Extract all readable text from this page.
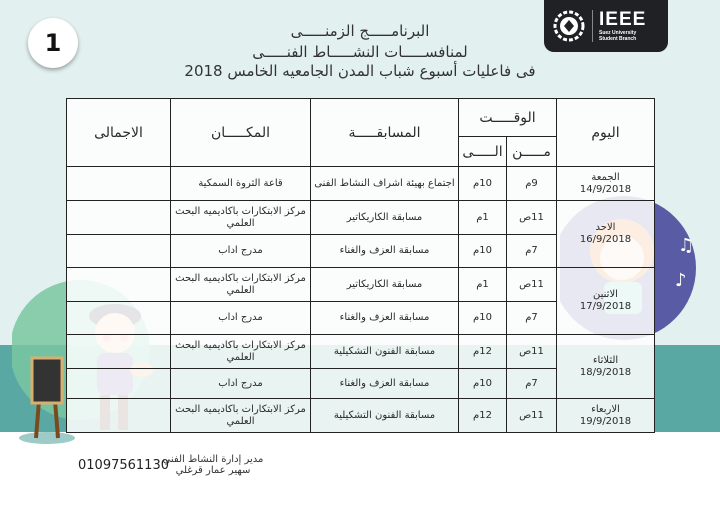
♫
♪
1
IEEE
Suez University
Student Branch
البرنامـــــج الزمنـــــى
لمنافســـــات النشـــــاط الفنـــــى
فى فاعليات أسبوع شباب المدن الجامعيه الخامس 2018
اليوم	الوقـــــت		المسابقـــــة	المكـــــان	الاجمالى
	مـــــن	الـــــى			

الجمعة
14/9/2018	9م	10م	اجتماع بهيئة اشراف النشاط الفنى	قاعة الثروة السمكية	

الاحد
16/9/2018	11ص	1م	مسابقة الكاريكاتير	مركز الابتكارات باكاديميه البحث العلمي	
	7م	10م	مسابقة العزف والغناء	مدرج اداب	

الاثنين
17/9/2018	11ص	1م	مسابقة الكاريكاتير	مركز الابتكارات باكاديميه البحث العلمي	
	7م	10م	مسابقة العزف والغناء	مدرج اداب	

الثلاثاء
18/9/2018	11ص	12م	مسابقة الفنون التشكيلية	مركز الابتكارات باكاديميه البحث العلمي	
	7م	10م	مسابقة العزف والغناء	مدرج اداب	

الاربعاء
19/9/2018	11ص	12م	مسابقة الفنون التشكيلية	مركز الابتكارات باكاديميه البحث العلمي	
مدير إدارة النشاط الفني
سهير عمار قرغلي
01097561130
